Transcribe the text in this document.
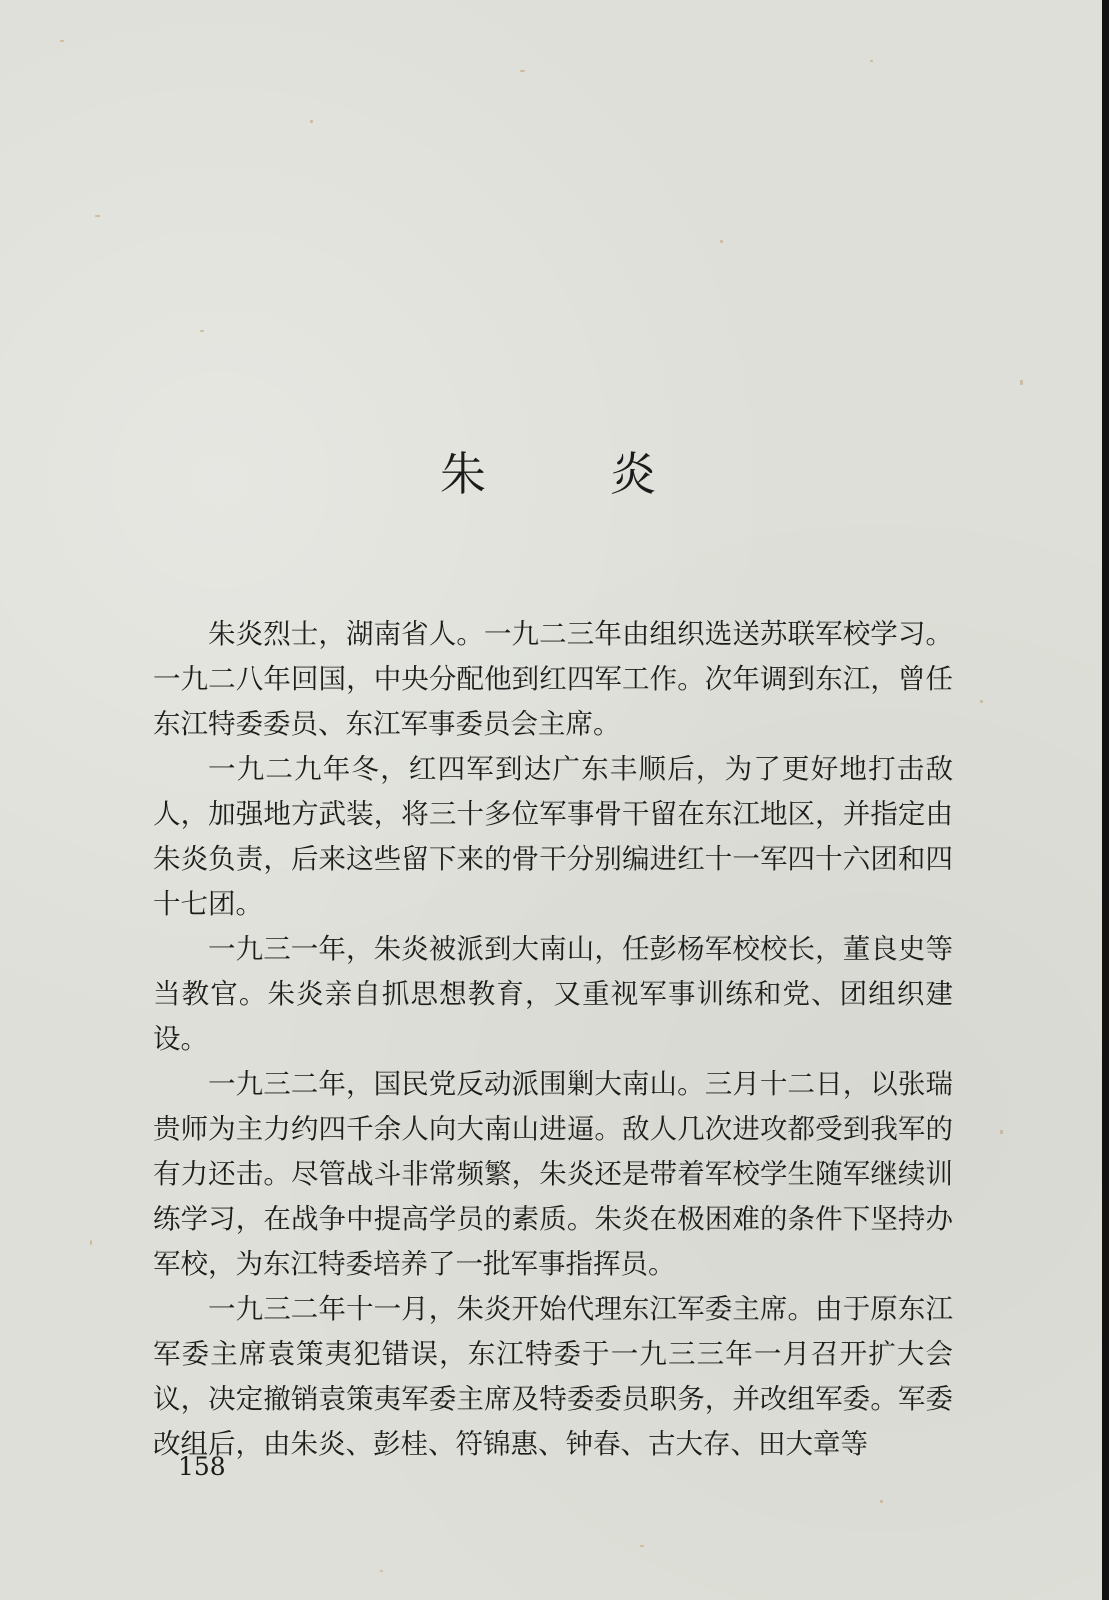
朱	炎

朱炎烈士，湖南省人。一九二三年由组织选送苏联军校学习。一九二八年回国，中央分配他到红四军工作。次年调到东江，曾任东江特委委员、东江军事委员会主席。

一九二九年冬，红四军到达广东丰顺后，为了更好地打击敌人，加强地方武装，将三十多位军事骨干留在东江地区，并指定由朱炎负责，后来这些留下来的骨干分别编进红十一军四十六团和四十七团。

一九三一年，朱炎被派到大南山，任彭杨军校校长，董良史等当教官。朱炎亲自抓思想教育，又重视军事训练和党、团组织建设。

一九三二年，国民党反动派围剿大南山。三月十二日，以张瑞贵师为主力约四千余人向大南山进逼。敌人几次进攻都受到我军的有力还击。尽管战斗非常频繁，朱炎还是带着军校学生随军继续训练学习，在战争中提高学员的素质。朱炎在极困难的条件下坚持办军校，为东江特委培养了一批军事指挥员。

一九三二年十一月，朱炎开始代理东江军委主席。由于原东江军委主席袁策夷犯错误，东江特委于一九三三年一月召开扩大会议，决定撤销袁策夷军委主席及特委委员职务，并改组军委。军委改组后，由朱炎、彭桂、符锦惠、钟春、古大存、田大章等

158
